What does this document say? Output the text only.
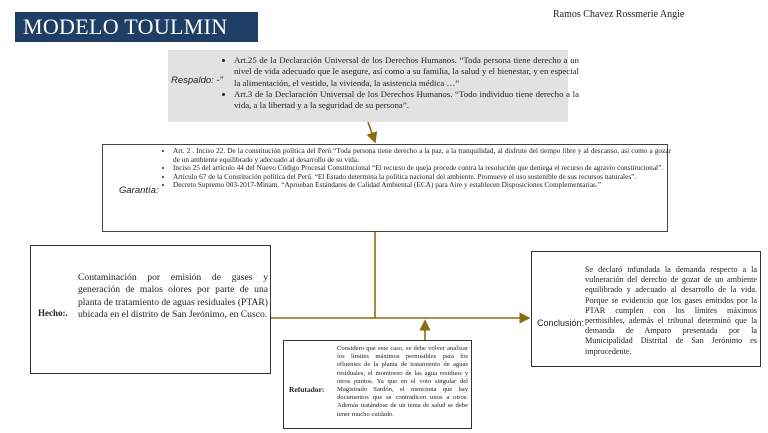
MODELO TOULMIN	Ramos Chavez Rossmerie Angie
Respaldo: -"
• Art.25 de la Declaración Universal de los Derechos Humanos. “Toda persona tiene derecho a un nivel de vida adecuado que le asegure, así como a su familia, la salud y el bienestar, y en especial la alimentación, el vestido, la vivienda, la asistencia médica …”
• Art.3 de la Declaración Universal de los Derechos Humanos. “Todo individuo tiene derecho a la vida, a la libertad y a la seguridad de su persona”.
Garantía:
• Art. 2 . Inciso 22. De la constitución política del Perú “Toda persona tiene derecho a la paz, a la tranquilidad, al disfrute del tiempo libre y al descanso, así como a gozar de un ambiente equilibrado y adecuado al desarrollo de su vida.
• Inciso 25 del artículo 44 del Nuevo Código Procesal Constitucional “El recurso de queja procede contra la resolución que deniega el recurso de agravio constitucional”.
• Artículo 67 de la Constitución política del Perú. “El Estado determina la política nacional del ambiente. Promueve el uso sostenible de sus recursos naturales”.
• Decreto Supremo 003-2017-Minam. “Aprueban Estándares de Calidad Ambiental (ECA) para Aire y establecen Disposiciones Complementarias.”
Hecho:.
Contaminación por emisión de gases y generación de malos olores por parte de una planta de tratamiento de aguas residuales (PTAR) ubicada en el distrito de San Jerónimo, en Cusco.
Conclusión:
Se declaró infundada la demanda respecto a la vulneración del derecho de gozar de un ambiente equilibrado y adecuado al desarrollo de la vida. Porque se evidencio que los gases emitidos por la PTAR cumplen con los límites máximos permisibles, además el tribunal determinó que la demanda de Amparo presentada por la Municipalidad Distrital de San Jerónimo es improcedente.
Refutador:
Considero que este caso, se debe volver analizar los límites máximos permisibles para los efluentes de la planta de tratamiento de aguas residuales, el monitoreo de las agua residuos y otros puntos. Ya que en el voto singular del Magistrado Sardón, el menciona que hay documentos que se contradicen unos a otros. Además tratándose de un tema de salud se debe tener mucho cuidado.
